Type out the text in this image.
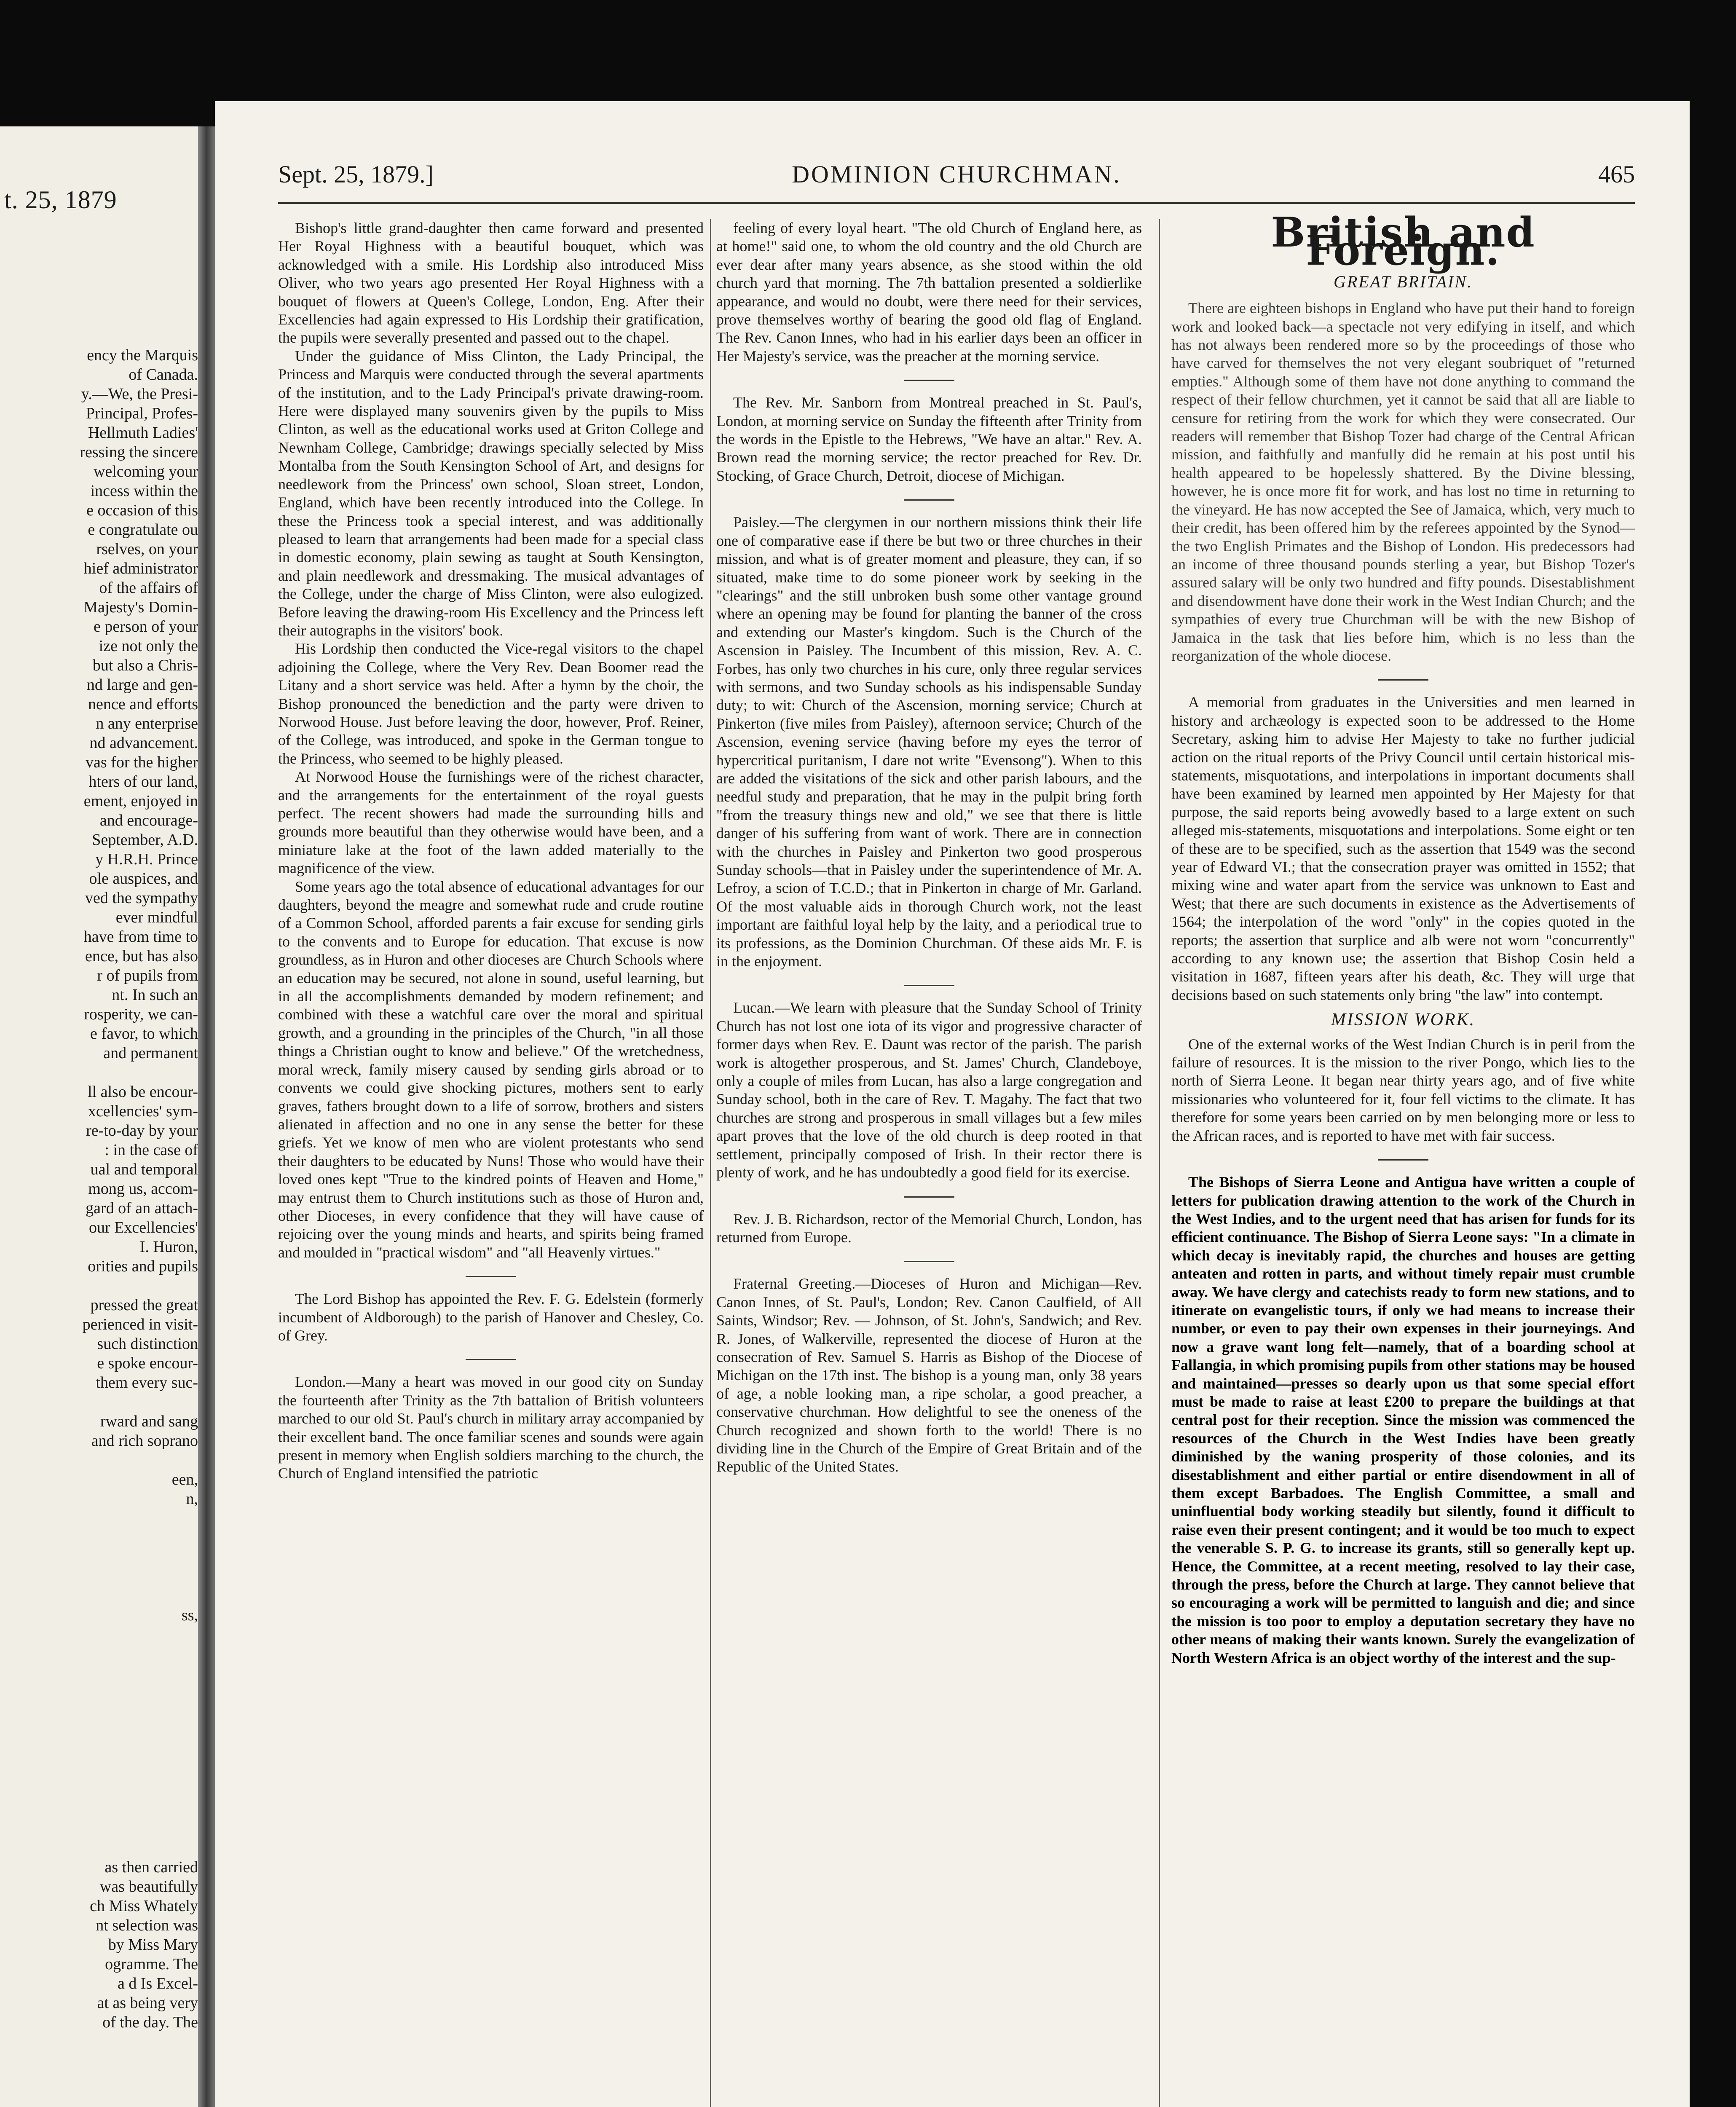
t. 25, 1879
ency the Marquis
of Canada.
y.—We, the Presi-
Principal, Profes-
Hellmuth Ladies'
ressing the sincere
welcoming your
incess within the
e occasion of this
e congratulate ou
rselves, on your
hief administrator
of the affairs of
Majesty's Domin-
e person of your
ize not only the
but also a Chris-
nd large and gen-
nence and efforts
n any enterprise
nd advancement.
vas for the higher
hters of our land,
ement, enjoyed in
and encourage-
September, A.D.
y H.R.H. Prince
ole auspices, and
ved the sympathy
ever mindful
have from time to
ence, but has also
r of pupils from
nt. In such an
rosperity, we can-
e favor, to which
and permanent
ll also be encour-
xcellencies' sym-
re-to-day by your
: in the case of
ual and temporal
mong us, accom-
gard of an attach-
our Excellencies'
I. Huron,
orities and pupils
pressed the great
perienced in visit-
such distinction
e spoke encour-
them every suc-
rward and sang
and rich soprano
een,
n,
ss,
as then carried
was beautifully
ch Miss Whately
nt selection was
by Miss Mary
ogramme. The
a d Is Excel-
at as being very
of the day. The
Sept. 25, 1879.]	DOMINION CHURCHMAN.	465

Bishop's little grand-daughter then came forward and presented Her Royal Highness with a beautiful bouquet, which was acknowledged with a smile. His Lordship also introduced Miss Oliver, who two years ago presented Her Royal Highness with a bouquet of flowers at Queen's College, London, Eng. After their Excellencies had again expressed to His Lordship their gratification, the pupils were severally presented and passed out to the chapel.

Under the guidance of Miss Clinton, the Lady Principal, the Princess and Marquis were conducted through the several apartments of the institution, and to the Lady Principal's private drawing-room. Here were displayed many souvenirs given by the pupils to Miss Clinton, as well as the educational works used at Griton College and Newnham College, Cambridge; drawings specially selected by Miss Montalba from the South Kensington School of Art, and designs for needlework from the Princess' own school, Sloan street, London, England, which have been recently introduced into the College. In these the Princess took a special interest, and was additionally pleased to learn that arrangements had been made for a special class in domestic economy, plain sewing as taught at South Kensington, and plain needlework and dressmaking. The musical advantages of the College, under the charge of Miss Clinton, were also eulogized. Before leaving the drawing-room His Excellency and the Princess left their autographs in the visitors' book.

His Lordship then conducted the Vice-regal visitors to the chapel adjoining the College, where the Very Rev. Dean Boomer read the Litany and a short service was held. After a hymn by the choir, the Bishop pronounced the benediction and the party were driven to Norwood House. Just before leaving the door, however, Prof. Reiner, of the College, was introduced, and spoke in the German tongue to the Princess, who seemed to be highly pleased.

At Norwood House the furnishings were of the richest character, and the arrangements for the entertainment of the royal guests perfect. The recent showers had made the surrounding hills and grounds more beautiful than they otherwise would have been, and a miniature lake at the foot of the lawn added materially to the magnificence of the view.

Some years ago the total absence of educational advantages for our daughters, beyond the meagre and somewhat rude and crude routine of a Common School, afforded parents a fair excuse for sending girls to the convents and to Europe for education. That excuse is now groundless, as in Huron and other dioceses are Church Schools where an education may be secured, not alone in sound, useful learning, but in all the accomplishments demanded by modern refinement; and combined with these a watchful care over the moral and spiritual growth, and a grounding in the principles of the Church, "in all those things a Christian ought to know and believe." Of the wretchedness, moral wreck, family misery caused by sending girls abroad or to convents we could give shocking pictures, mothers sent to early graves, fathers brought down to a life of sorrow, brothers and sisters alienated in affection and no one in any sense the better for these griefs. Yet we know of men who are violent protestants who send their daughters to be educated by Nuns! Those who would have their loved ones kept "True to the kindred points of Heaven and Home," may entrust them to Church institutions such as those of Huron and, other Dioceses, in every confidence that they will have cause of rejoicing over the young minds and hearts, and spirits being framed and moulded in "practical wisdom" and "all Heavenly virtues."

The Lord Bishop has appointed the Rev. F. G. Edelstein (formerly incumbent of Aldborough) to the parish of Hanover and Chesley, Co. of Grey.

London.—Many a heart was moved in our good city on Sunday the fourteenth after Trinity as the 7th battalion of British volunteers marched to our old St. Paul's church in military array accompanied by their excellent band. The once familiar scenes and sounds were again present in memory when English soldiers marching to the church, the Church of England intensified the patriotic

feeling of every loyal heart. "The old Church of England here, as at home!" said one, to whom the old country and the old Church are ever dear after many years absence, as she stood within the old church yard that morning. The 7th battalion presented a soldierlike appearance, and would no doubt, were there need for their services, prove themselves worthy of bearing the good old flag of England. The Rev. Canon Innes, who had in his earlier days been an officer in Her Majesty's service, was the preacher at the morning service.

The Rev. Mr. Sanborn from Montreal preached in St. Paul's, London, at morning service on Sunday the fifteenth after Trinity from the words in the Epistle to the Hebrews, "We have an altar." Rev. A. Brown read the morning service; the rector preached for Rev. Dr. Stocking, of Grace Church, Detroit, diocese of Michigan.

Paisley.—The clergymen in our northern missions think their life one of comparative ease if there be but two or three churches in their mission, and what is of greater moment and pleasure, they can, if so situated, make time to do some pioneer work by seeking in the "clearings" and the still unbroken bush some other vantage ground where an opening may be found for planting the banner of the cross and extending our Master's kingdom. Such is the Church of the Ascension in Paisley. The Incumbent of this mission, Rev. A. C. Forbes, has only two churches in his cure, only three regular services with sermons, and two Sunday schools as his indispensable Sunday duty; to wit: Church of the Ascension, morning service; Church at Pinkerton (five miles from Paisley), afternoon service; Church of the Ascension, evening service (having before my eyes the terror of hypercritical puritanism, I dare not write "Evensong"). When to this are added the visitations of the sick and other parish labours, and the needful study and preparation, that he may in the pulpit bring forth "from the treasury things new and old," we see that there is little danger of his suffering from want of work. There are in connection with the churches in Paisley and Pinkerton two good prosperous Sunday schools—that in Paisley under the superintendence of Mr. A. Lefroy, a scion of T.C.D.; that in Pinkerton in charge of Mr. Garland. Of the most valuable aids in thorough Church work, not the least important are faithful loyal help by the laity, and a periodical true to its professions, as the Dominion Churchman. Of these aids Mr. F. is in the enjoyment.

Lucan.—We learn with pleasure that the Sunday School of Trinity Church has not lost one iota of its vigor and progressive character of former days when Rev. E. Daunt was rector of the parish. The parish work is altogether prosperous, and St. James' Church, Clandeboye, only a couple of miles from Lucan, has also a large congregation and Sunday school, both in the care of Rev. T. Magahy. The fact that two churches are strong and prosperous in small villages but a few miles apart proves that the love of the old church is deep rooted in that settlement, principally composed of Irish. In their rector there is plenty of work, and he has undoubtedly a good field for its exercise.

Rev. J. B. Richardson, rector of the Memorial Church, London, has returned from Europe.

Fraternal Greeting.—Dioceses of Huron and Michigan—Rev. Canon Innes, of St. Paul's, London; Rev. Canon Caulfield, of All Saints, Windsor; Rev. — Johnson, of St. John's, Sandwich; and Rev. R. Jones, of Walkerville, represented the diocese of Huron at the consecration of Rev. Samuel S. Harris as Bishop of the Diocese of Michigan on the 17th inst. The bishop is a young man, only 38 years of age, a noble looking man, a ripe scholar, a good preacher, a conservative churchman. How delightful to see the oneness of the Church recognized and shown forth to the world! There is no dividing line in the Church of the Empire of Great Britain and of the Republic of the United States.

British and Foreign.
GREAT BRITAIN.

There are eighteen bishops in England who have put their hand to foreign work and looked back—a spectacle not very edifying in itself, and which has not always been rendered more so by the proceedings of those who have carved for themselves the not very elegant soubriquet of "returned empties." Although some of them have not done anything to command the respect of their fellow churchmen, yet it cannot be said that all are liable to censure for retiring from the work for which they were consecrated. Our readers will remember that Bishop Tozer had charge of the Central African mission, and faithfully and manfully did he remain at his post until his health appeared to be hopelessly shattered. By the Divine blessing, however, he is once more fit for work, and has lost no time in returning to the vineyard. He has now accepted the See of Jamaica, which, very much to their credit, has been offered him by the referees appointed by the Synod—the two English Primates and the Bishop of London. His predecessors had an income of three thousand pounds sterling a year, but Bishop Tozer's assured salary will be only two hundred and fifty pounds. Disestablishment and disendowment have done their work in the West Indian Church; and the sympathies of every true Churchman will be with the new Bishop of Jamaica in the task that lies before him, which is no less than the reorganization of the whole diocese.

A memorial from graduates in the Universities and men learned in history and archæology is expected soon to be addressed to the Home Secretary, asking him to advise Her Majesty to take no further judicial action on the ritual reports of the Privy Council until certain historical mis-statements, misquotations, and interpolations in important documents shall have been examined by learned men appointed by Her Majesty for that purpose, the said reports being avowedly based to a large extent on such alleged mis-statements, misquotations and interpolations. Some eight or ten of these are to be specified, such as the assertion that 1549 was the second year of Edward VI.; that the consecration prayer was omitted in 1552; that mixing wine and water apart from the service was unknown to East and West; that there are such documents in existence as the Advertisements of 1564; the interpolation of the word "only" in the copies quoted in the reports; the assertion that surplice and alb were not worn "concurrently" according to any known use; the assertion that Bishop Cosin held a visitation in 1687, fifteen years after his death, &c. They will urge that decisions based on such statements only bring "the law" into contempt.

MISSION WORK.

One of the external works of the West Indian Church is in peril from the failure of resources. It is the mission to the river Pongo, which lies to the north of Sierra Leone. It began near thirty years ago, and of five white missionaries who volunteered for it, four fell victims to the climate. It has therefore for some years been carried on by men belonging more or less to the African races, and is reported to have met with fair success.

The Bishops of Sierra Leone and Antigua have written a couple of letters for publication drawing attention to the work of the Church in the West Indies, and to the urgent need that has arisen for funds for its efficient continuance. The Bishop of Sierra Leone says: "In a climate in which decay is inevitably rapid, the churches and houses are getting anteaten and rotten in parts, and without timely repair must crumble away. We have clergy and catechists ready to form new stations, and to itinerate on evangelistic tours, if only we had means to increase their number, or even to pay their own expenses in their journeyings. And now a grave want long felt—namely, that of a boarding school at Fallangia, in which promising pupils from other stations may be housed and maintained—presses so dearly upon us that some special effort must be made to raise at least £200 to prepare the buildings at that central post for their reception. Since the mission was commenced the resources of the Church in the West Indies have been greatly diminished by the waning prosperity of those colonies, and its disestablishment and either partial or entire disendowment in all of them except Barbadoes. The English Committee, a small and uninfluential body working steadily but silently, found it difficult to raise even their present contingent; and it would be too much to expect the venerable S. P. G. to increase its grants, still so generally kept up. Hence, the Committee, at a recent meeting, resolved to lay their case, through the press, before the Church at large. They cannot believe that so encouraging a work will be permitted to languish and die; and since the mission is too poor to employ a deputation secretary they have no other means of making their wants known. Surely the evangelization of North Western Africa is an object worthy of the interest and the sup-
